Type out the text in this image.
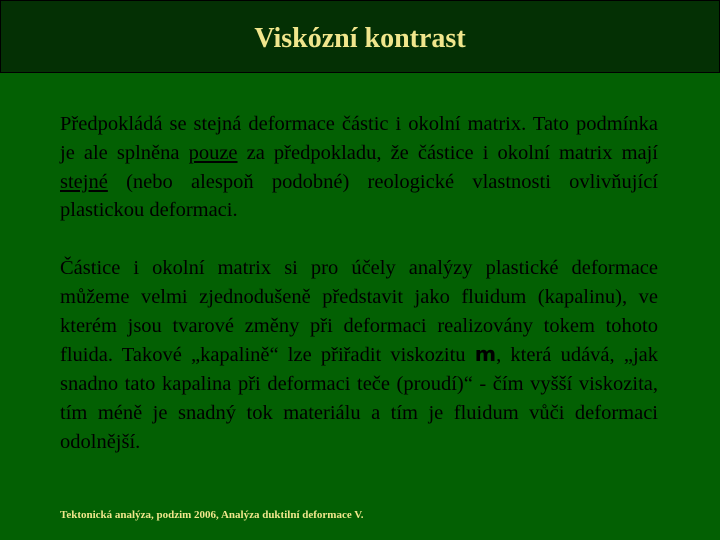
Viskózní kontrast

Předpokládá se stejná deformace částic i okolní matrix. Tato podmínka je ale splněna pouze za předpokladu, že částice i okolní matrix mají stejné (nebo alespoň podobné) reologické vlastnosti ovlivňující plastickou deformaci.

Částice i okolní matrix si pro účely analýzy plastické deformace můžeme velmi zjednodušeně představit jako fluidum (kapalinu), ve kterém jsou tvarové změny při deformaci realizovány tokem tohoto fluida. Takové „kapalině“ lze přiřadit viskozitu m, která udává, „jak snadno tato kapalina při deformaci teče (proudí)“ - čím vyšší viskozita, tím méně je snadný tok materiálu a tím je fluidum vůči deformaci odolnější.

Tektonická analýza, podzim 2006, Analýza duktilní deformace V.
